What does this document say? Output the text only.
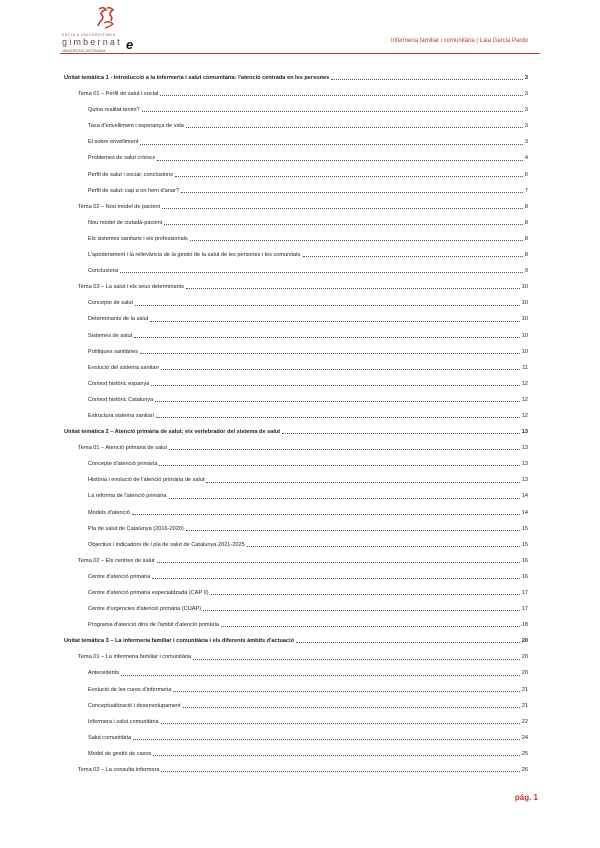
ESCOLA UNIVERSITÀRIA
gimbernat
UNIVERSITAT AUTÒNOMA e	Infermeria familiar i comunitària | Laia Garcia Pardo
Unitat temàtica 1 - Introducció a la infermeria i salut comunitària: l'atenció centrada en les persones	3
Tema 01 – Perfil de salut i social	3
Quina realitat tenim?	3
Taxa d'envelliment i esperança de vida	3
El sobre envelliment	3
Problemes de salut crònics	4
Perfil de salut i social; conclusions	6
Perfil de salut: cap a on hem d'anar?	7
Tema 02 – Nou model de pacient	8
Nou model de ciutadà-pacient	8
Els sistemes sanitaris i els professionals	8
L'apoderament i la rellevància de la gestió de la salut de les persones i les comunitats	8
Conclusions	9
Tema 03 – La salut i els seus determinants	10
Concepte de salut	10
Determinants de la salut	10
Sistemes de salut	10
Polítiques sanitàries	10
Evolució del sistema sanitari	11
Context històric espanya	12
Context històric Catalunya	12
Estructura sistema sanitari	12
Unitat temàtica 2 – Atenció primària de salut: eix vertebrador del sistema de salut	13
Tema 01 – Atenció primària de salut	13
Concepte d'atenció primària	13
Història i evolució de l'atenció primària de salut	13
La reforma de l'atenció primària	14
Models d'atenció	14
Pla de salut de Catalunya (2016-2020)	15
Objectius i indicadors de l pla de salut de Catalunya 2021-2025	15
Tema 02 – Els centres de salut	16
Centre d'atenció primària	16
Centre d'atenció primària especialitzada (CAP II)	17
Centre d'urgències d'atenció primària (CUAP)	17
Programa d'atenció dins de l'àmbit d'atenció primària	18
Unitat temàtica 3 – La infermeria familiar i comunitària i els diferents àmbits d'actuació	20
Tema 01 – La infermeria familiar i comunitària	20
Antecedents	20
Evolució de les cures d'infermeria	21
Conceptualització i desenvolupament	21
Infermera i salut comunitària	22
Salut comunitària	24
Model de gestió de casos	25
Tema 02 – La consulta infermera	26
pág. 1
